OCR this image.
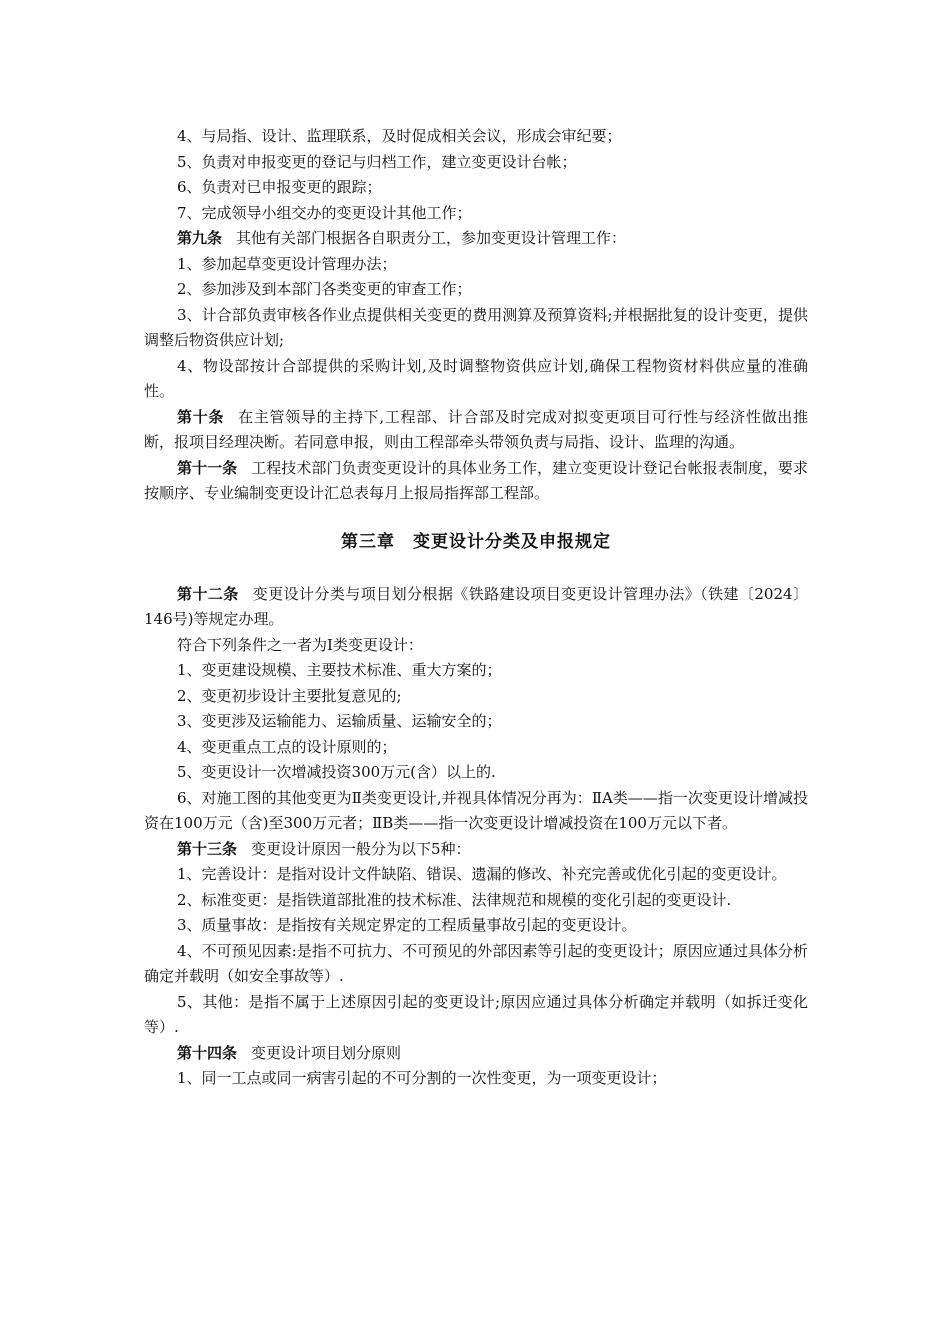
4、与局指、设计、监理联系，及时促成相关会议，形成会审纪要；

5、负责对申报变更的登记与归档工作，建立变更设计台帐；

6、负责对已申报变更的跟踪；

7、完成领导小组交办的变更设计其他工作；

第九条 其他有关部门根据各自职责分工，参加变更设计管理工作：

1、参加起草变更设计管理办法；

2、参加涉及到本部门各类变更的审查工作；

3、计合部负责审核各作业点提供相关变更的费用测算及预算资料;并根据批复的设计变更，提供调整后物资供应计划;

4、物设部按计合部提供的采购计划,及时调整物资供应计划,确保工程物资材料供应量的准确性。

第十条 在主管领导的主持下,工程部、计合部及时完成对拟变更项目可行性与经济性做出推断，报项目经理决断。若同意申报，则由工程部牵头带领负责与局指、设计、监理的沟通。

第十一条 工程技术部门负责变更设计的具体业务工作，建立变更设计登记台帐报表制度，要求按顺序、专业编制变更设计汇总表每月上报局指挥部工程部。

第三章　变更设计分类及申报规定

第十二条 变更设计分类与项目划分根据《铁路建设项目变更设计管理办法》（铁建〔2024〕146号)等规定办理。

符合下列条件之一者为Ⅰ类变更设计：

1、变更建设规模、主要技术标准、重大方案的；

2、变更初步设计主要批复意见的;

3、变更涉及运输能力、运输质量、运输安全的；

4、变更重点工点的设计原则的；

5、变更设计一次增减投资300万元(含）以上的.

6、对施工图的其他变更为Ⅱ类变更设计,并视具体情况分再为：ⅡA类——指一次变更设计增减投资在100万元（含)至300万元者；ⅡB类——指一次变更设计增减投资在100万元以下者。

第十三条 变更设计原因一般分为以下5种：

1、完善设计：是指对设计文件缺陷、错误、遗漏的修改、补充完善或优化引起的变更设计。

2、标准变更：是指铁道部批准的技术标准、法律规范和规模的变化引起的变更设计.

3、质量事故：是指按有关规定界定的工程质量事故引起的变更设计。

4、不可预见因素:是指不可抗力、不可预见的外部因素等引起的变更设计；原因应通过具体分析确定并载明（如安全事故等）.

5、其他：是指不属于上述原因引起的变更设计;原因应通过具体分析确定并载明（如拆迁变化等）.

第十四条 变更设计项目划分原则

1、同一工点或同一病害引起的不可分割的一次性变更，为一项变更设计；
